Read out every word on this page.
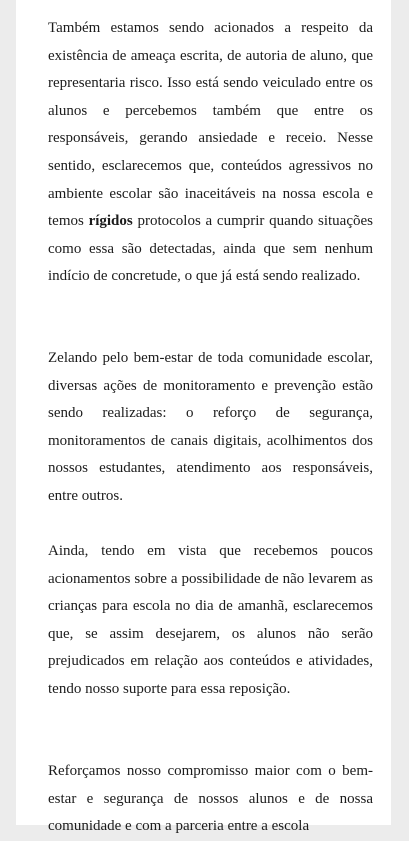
Também estamos sendo acionados a respeito da existência de ameaça escrita, de autoria de aluno, que representaria risco. Isso está sendo veiculado entre os alunos e percebemos também que entre os responsáveis, gerando ansiedade e receio. Nesse sentido, esclarecemos que, conteúdos agressivos no ambiente escolar são inaceitáveis na nossa escola e temos rígidos protocolos a cumprir quando situações como essa são detectadas, ainda que sem nenhum indício de concretude, o que já está sendo realizado.

Zelando pelo bem-estar de toda comunidade escolar, diversas ações de monitoramento e prevenção estão sendo realizadas: o reforço de segurança, monitoramentos de canais digitais, acolhimentos dos nossos estudantes, atendimento aos responsáveis, entre outros.

Ainda, tendo em vista que recebemos poucos acionamentos sobre a possibilidade de não levarem as crianças para escola no dia de amanhã, esclarecemos que, se assim desejarem, os alunos não serão prejudicados em relação aos conteúdos e atividades, tendo nosso suporte para essa reposição.

Reforçamos nosso compromisso maior com o bem-estar e segurança de nossos alunos e de nossa comunidade e com a parceria entre a escola
